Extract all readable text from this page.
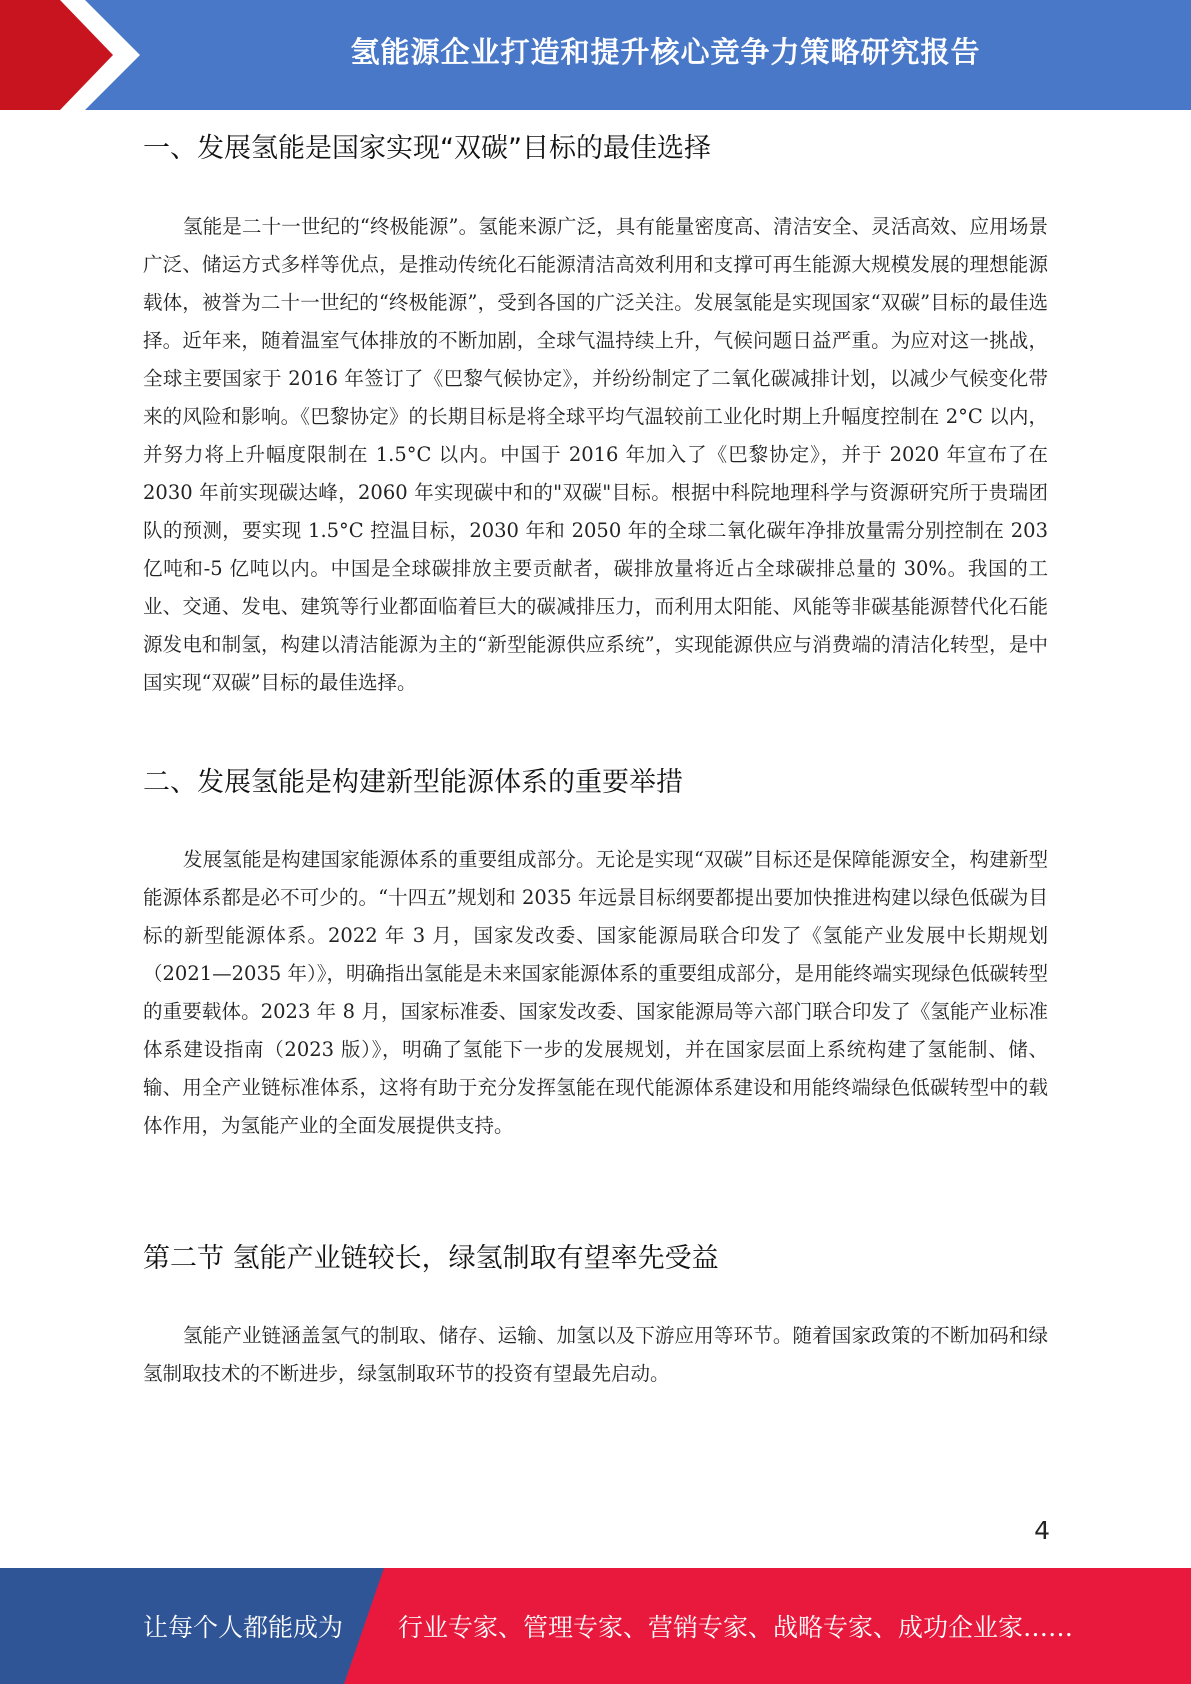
氢能源企业打造和提升核心竞争力策略研究报告
一、发展氢能是国家实现“双碳”目标的最佳选择

氢能是二十一世纪的“终极能源”。氢能来源广泛，具有能量密度高、清洁安全、灵活高效、应用场景广泛、储运方式多样等优点，是推动传统化石能源清洁高效利用和支撑可再生能源大规模发展的理想能源载体，被誉为二十一世纪的“终极能源”，受到各国的广泛关注。发展氢能是实现国家“双碳”目标的最佳选择。近年来，随着温室气体排放的不断加剧，全球气温持续上升，气候问题日益严重。为应对这一挑战，全球主要国家于 2016 年签订了《巴黎气候协定》，并纷纷制定了二氧化碳减排计划，以减少气候变化带来的风险和影响。《巴黎协定》的长期目标是将全球平均气温较前工业化时期上升幅度控制在 2°C 以内，并努力将上升幅度限制在 1.5°C 以内。中国于 2016 年加入了《巴黎协定》，并于 2020 年宣布了在 2030 年前实现碳达峰，2060 年实现碳中和的"双碳"目标。根据中科院地理科学与资源研究所于贵瑞团队的预测，要实现 1.5°C 控温目标，2030 年和 2050 年的全球二氧化碳年净排放量需分别控制在 203 亿吨和-5 亿吨以内。中国是全球碳排放主要贡献者，碳排放量将近占全球碳排总量的 30%。我国的工业、交通、发电、建筑等行业都面临着巨大的碳减排压力，而利用太阳能、风能等非碳基能源替代化石能源发电和制氢，构建以清洁能源为主的“新型能源供应系统”，实现能源供应与消费端的清洁化转型，是中国实现“双碳”目标的最佳选择。

二、发展氢能是构建新型能源体系的重要举措

发展氢能是构建国家能源体系的重要组成部分。无论是实现“双碳”目标还是保障能源安全，构建新型能源体系都是必不可少的。“十四五”规划和 2035 年远景目标纲要都提出要加快推进构建以绿色低碳为目标的新型能源体系。2022 年 3 月，国家发改委、国家能源局联合印发了《氢能产业发展中长期规划（2021—2035 年）》，明确指出氢能是未来国家能源体系的重要组成部分，是用能终端实现绿色低碳转型的重要载体。2023 年 8 月，国家标准委、国家发改委、国家能源局等六部门联合印发了《氢能产业标准体系建设指南（2023 版）》，明确了氢能下一步的发展规划，并在国家层面上系统构建了氢能制、储、输、用全产业链标准体系，这将有助于充分发挥氢能在现代能源体系建设和用能终端绿色低碳转型中的载体作用，为氢能产业的全面发展提供支持。

第二节 氢能产业链较长，绿氢制取有望率先受益

氢能产业链涵盖氢气的制取、储存、运输、加氢以及下游应用等环节。随着国家政策的不断加码和绿氢制取技术的不断进步，绿氢制取环节的投资有望最先启动。

4
让每个人都能成为 行业专家、管理专家、营销专家、战略专家、成功企业家……
